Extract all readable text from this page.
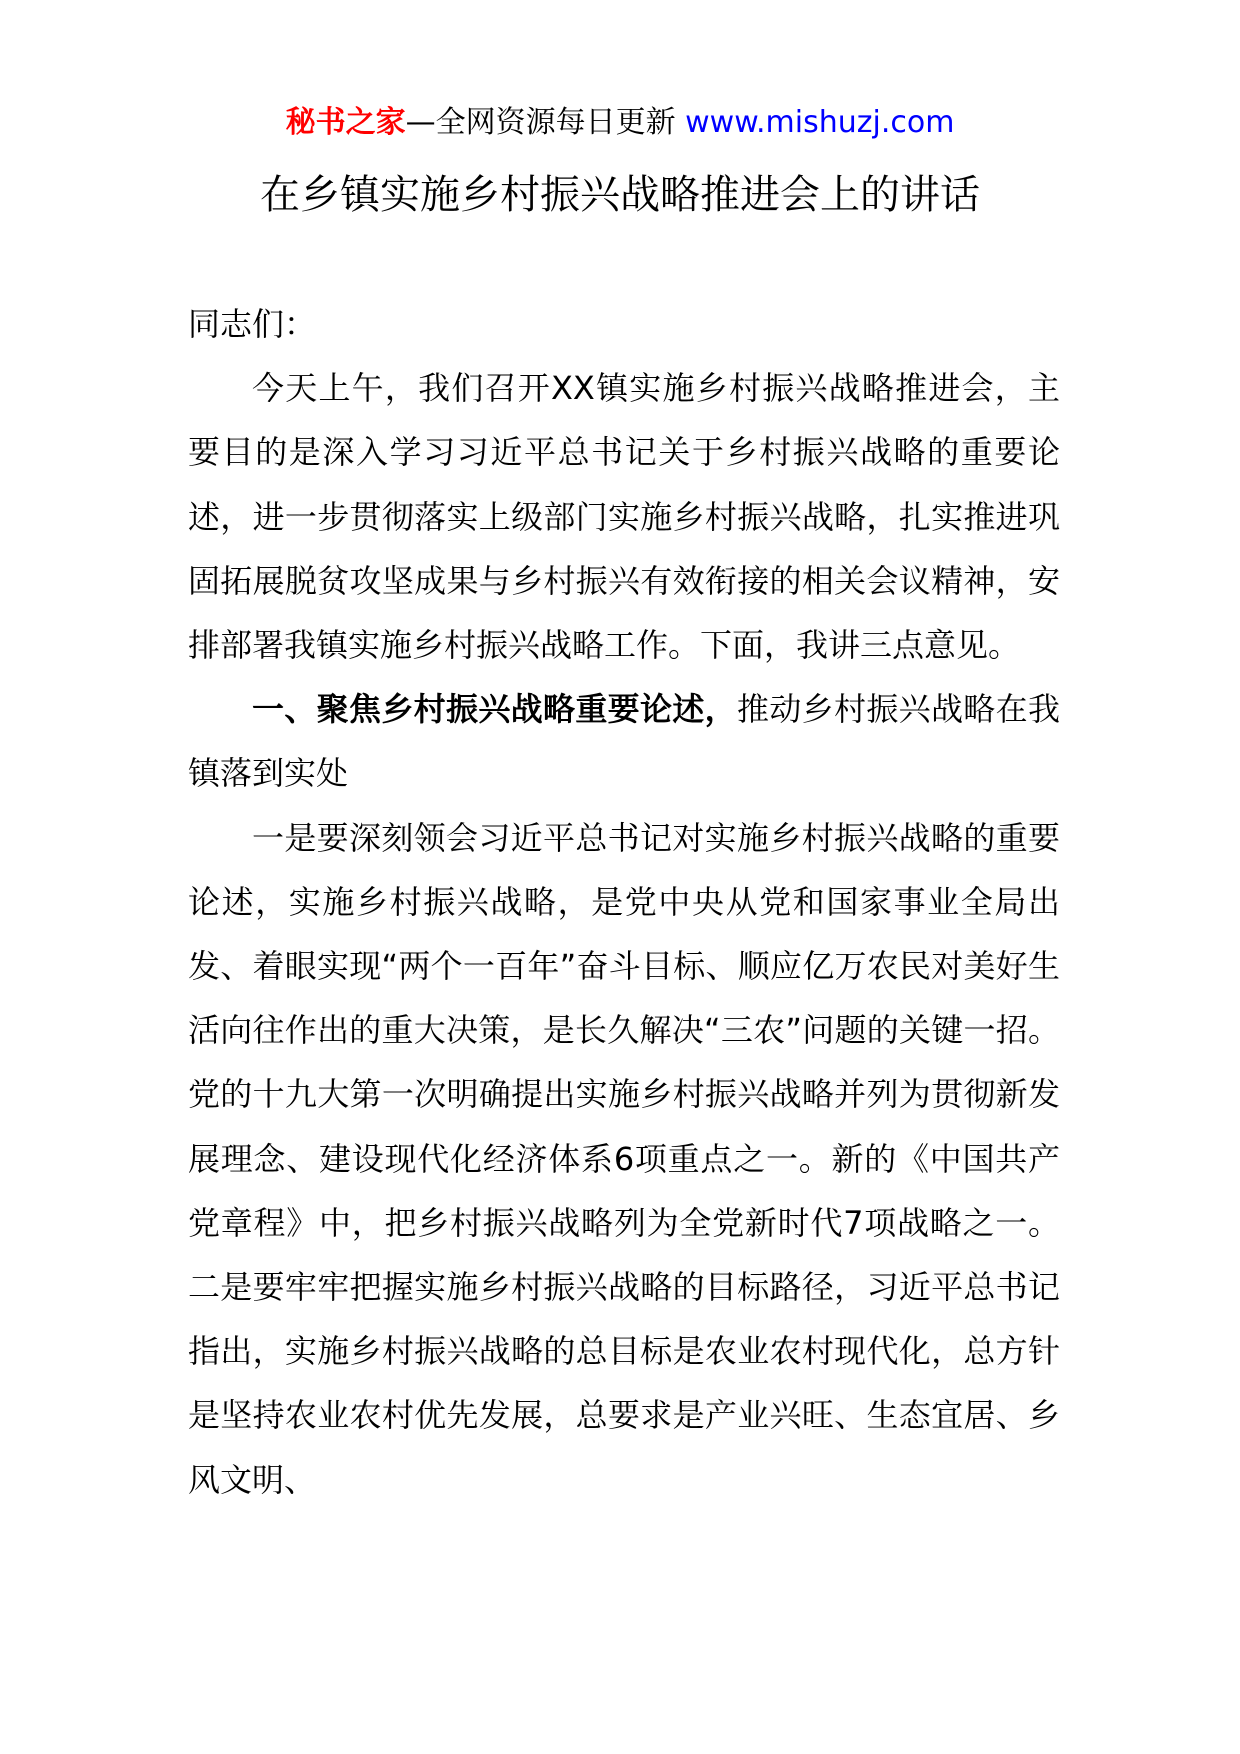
秘书之家—全网资源每日更新 www.mishuzj.com
在乡镇实施乡村振兴战略推进会上的讲话

同志们：

今天上午，我们召开XX镇实施乡村振兴战略推进会，主要目的是深入学习习近平总书记关于乡村振兴战略的重要论述，进一步贯彻落实上级部门实施乡村振兴战略，扎实推进巩固拓展脱贫攻坚成果与乡村振兴有效衔接的相关会议精神，安排部署我镇实施乡村振兴战略工作。下面，我讲三点意见。

一、聚焦乡村振兴战略重要论述，推动乡村振兴战略在我镇落到实处

一是要深刻领会习近平总书记对实施乡村振兴战略的重要论述，实施乡村振兴战略，是党中央从党和国家事业全局出发、着眼实现“两个一百年”奋斗目标、顺应亿万农民对美好生活向往作出的重大决策，是长久解决“三农”问题的关键一招。党的十九大第一次明确提出实施乡村振兴战略并列为贯彻新发展理念、建设现代化经济体系6项重点之一。新的《中国共产党章程》中，把乡村振兴战略列为全党新时代7项战略之一。二是要牢牢把握实施乡村振兴战略的目标路径，习近平总书记指出，实施乡村振兴战略的总目标是农业农村现代化，总方针是坚持农业农村优先发展，总要求是产业兴旺、生态宜居、乡风文明、
